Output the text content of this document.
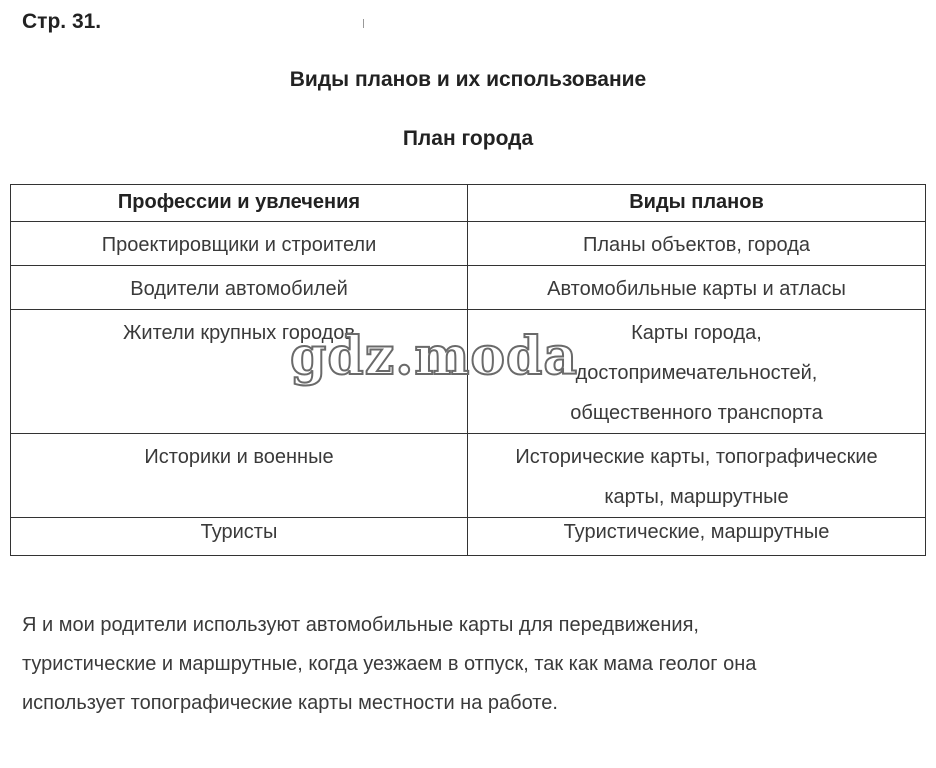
Стр. 31.

Виды планов и их использование
План города
Профессии и увлечения	Виды планов
Проектировщики и строители	Планы объектов, города
Водители автомобилей	Автомобильные карты и атласы
Жители крупных городов	Карты города,
достопримечательностей,
общественного транспорта
Историки и военные	Исторические карты, топографические
карты, маршрутные
Туристы	Туристические, маршрутные
gdz.moda

Я и мои родители используют автомобильные карты для передвижения,
туристические и маршрутные, когда уезжаем в отпуск, так как мама геолог она
использует топографические карты местности на работе.
